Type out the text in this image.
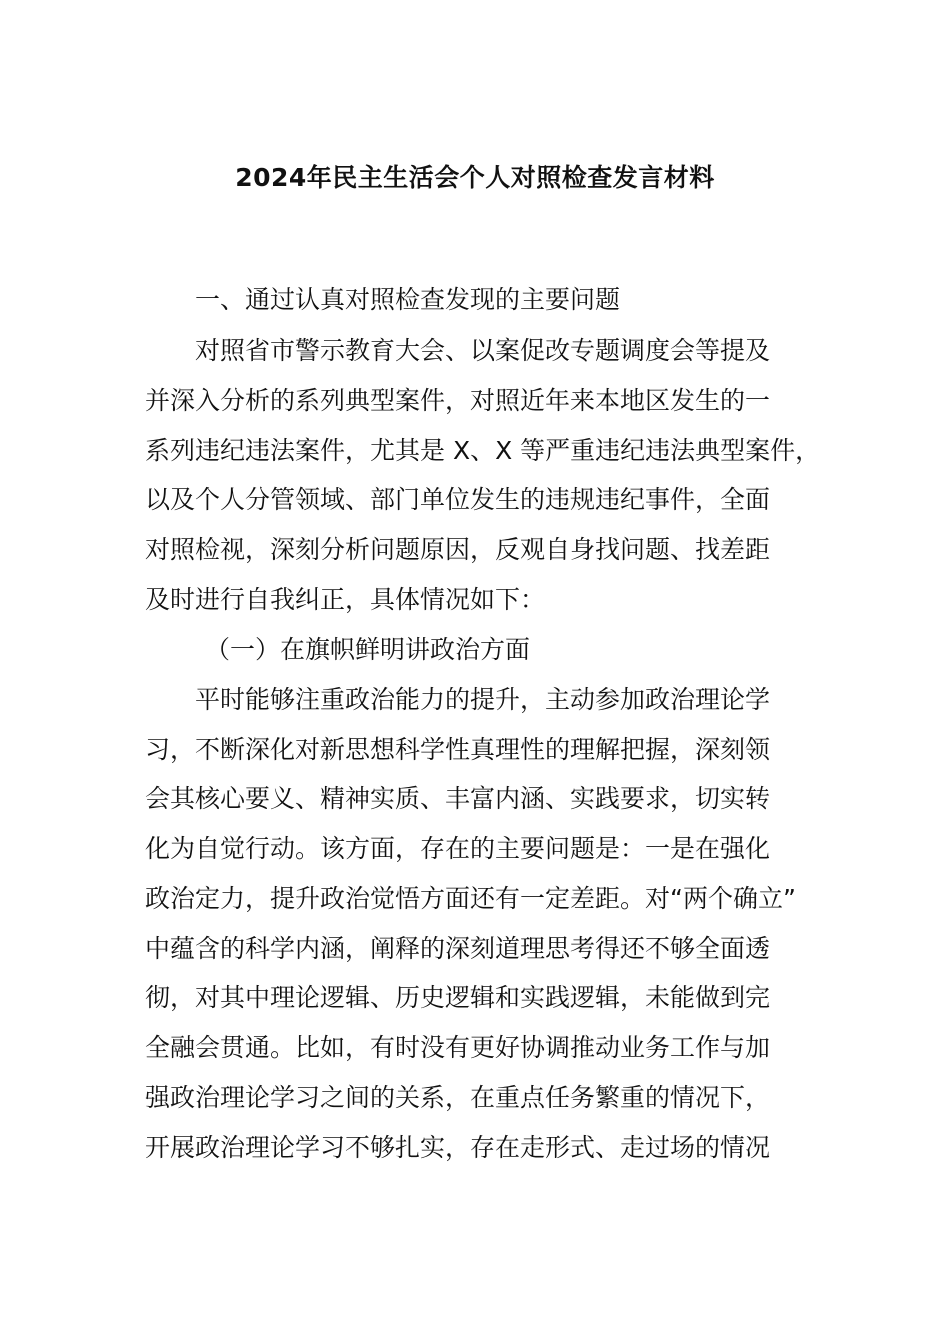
2024年民主生活会个人对照检查发言材料
一、通过认真对照检查发现的主要问题
对照省市警示教育大会、以案促改专题调度会等提及
并深入分析的系列典型案件，对照近年来本地区发生的一
系列违纪违法案件，尤其是 X、X 等严重违纪违法典型案件，
以及个人分管领域、部门单位发生的违规违纪事件，全面
对照检视，深刻分析问题原因，反观自身找问题、找差距
及时进行自我纠正，具体情况如下：
（一）在旗帜鲜明讲政治方面
平时能够注重政治能力的提升，主动参加政治理论学
习，不断深化对新思想科学性真理性的理解把握，深刻领
会其核心要义、精神实质、丰富内涵、实践要求，切实转
化为自觉行动。该方面，存在的主要问题是：一是在强化
政治定力，提升政治觉悟方面还有一定差距。对“两个确立”
中蕴含的科学内涵，阐释的深刻道理思考得还不够全面透
彻，对其中理论逻辑、历史逻辑和实践逻辑，未能做到完
全融会贯通。比如，有时没有更好协调推动业务工作与加
强政治理论学习之间的关系，在重点任务繁重的情况下，
开展政治理论学习不够扎实，存在走形式、走过场的情况
